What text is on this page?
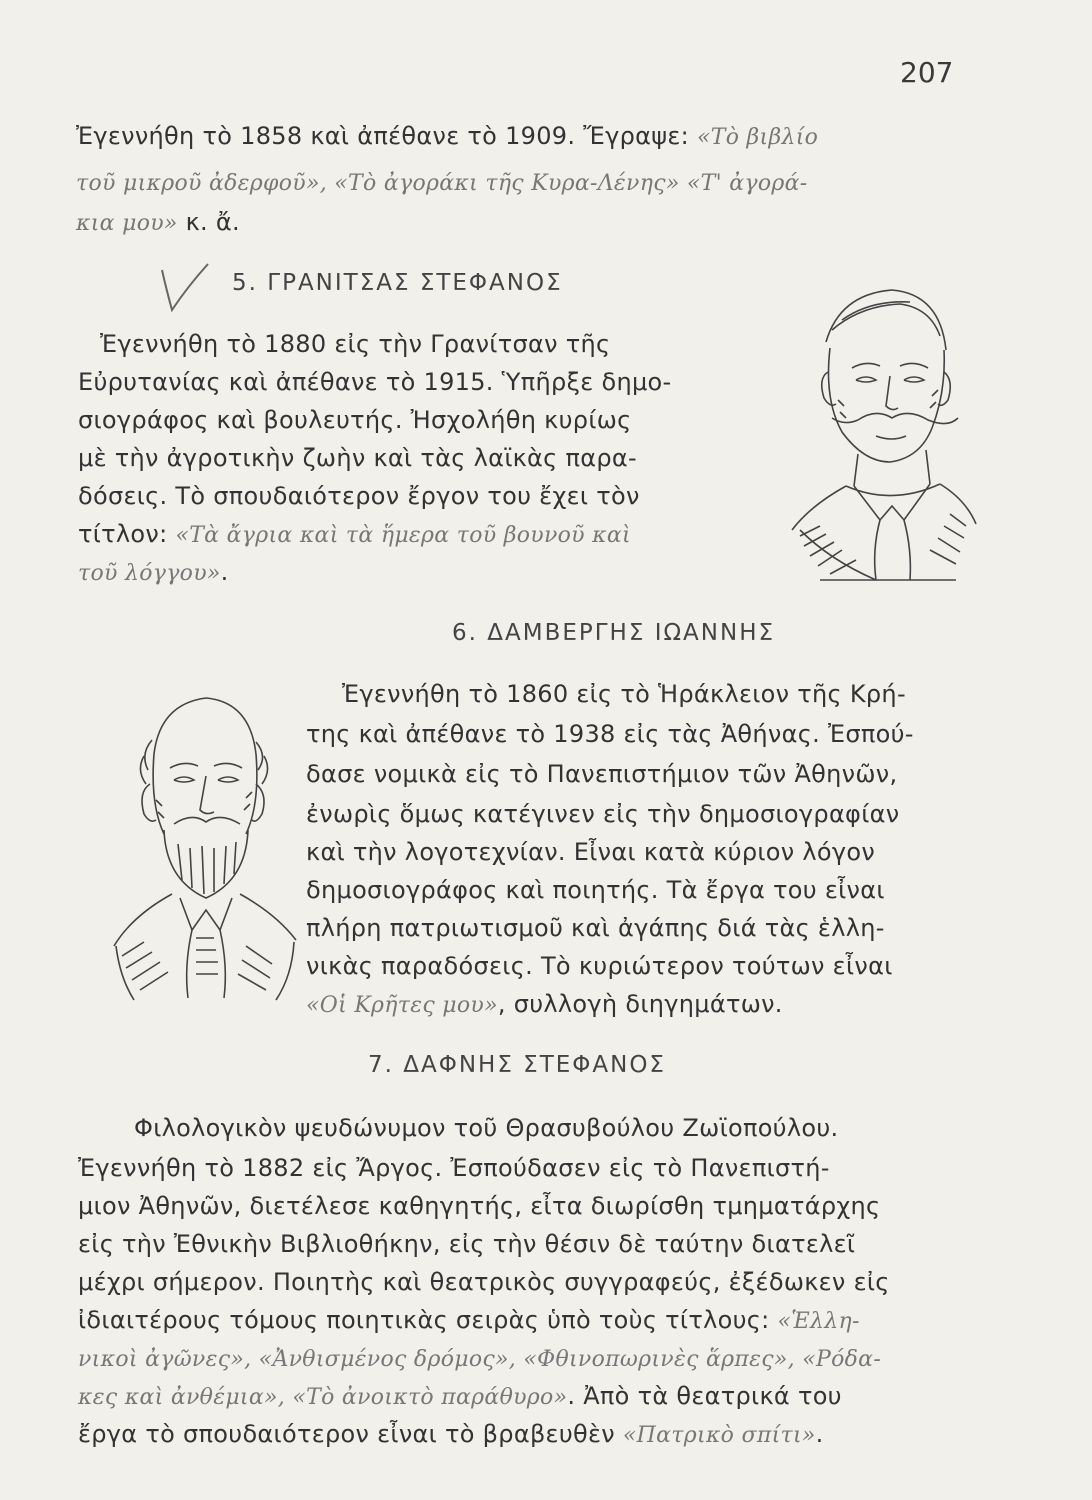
207
Ἐγεννήθη τὸ 1858 καὶ ἀπέθανε τὸ 1909. Ἔγραψε: «Τὸ βιβλίο
τοῦ μικροῦ ἀδερφοῦ», «Τὸ ἀγοράκι τῆς Κυρα-Λένης» «Τ' ἀγορά-
κια μου» κ. ἄ.
5. ΓΡΑΝΙΤΣΑΣ ΣΤΕΦΑΝΟΣ
Ἐγεννήθη τὸ 1880 εἰς τὴν Γρανίτσαν τῆς
Εὐρυτανίας καὶ ἀπέθανε τὸ 1915. Ὑπῆρξε δημο-
σιογράφος καὶ βουλευτής. Ἠσχολήθη κυρίως
μὲ τὴν ἀγροτικὴν ζωὴν καὶ τὰς λαϊκὰς παρα-
δόσεις. Τὸ σπουδαιότερον ἔργον του ἔχει τὸν
τίτλον: «Τὰ ἄγρια καὶ τὰ ἥμερα τοῦ βουνοῦ καὶ
τοῦ λόγγου».
6. ΔΑΜΒΕΡΓΗΣ ΙΩΑΝΝΗΣ
Ἐγεννήθη τὸ 1860 εἰς τὸ Ἡράκλειον τῆς Κρή-
της καὶ ἀπέθανε τὸ 1938 εἰς τὰς Ἀθήνας. Ἐσπού-
δασε νομικὰ εἰς τὸ Πανεπιστήμιον τῶν Ἀθηνῶν,
ἐνωρὶς ὅμως κατέγινεν εἰς τὴν δημοσιογραφίαν
καὶ τὴν λογοτεχνίαν. Εἶναι κατὰ κύριον λόγον
δημοσιογράφος καὶ ποιητής. Τὰ ἔργα του εἶναι
πλήρη πατριωτισμοῦ καὶ ἀγάπης διά τὰς ἑλλη-
νικὰς παραδόσεις. Τὸ κυριώτερον τούτων εἶναι
«Οἱ Κρῆτες μου», συλλογὴ διηγημάτων.
7. ΔΑΦΝΗΣ ΣΤΕΦΑΝΟΣ
Φιλολογικὸν ψευδώνυμον τοῦ Θρασυβούλου Ζωϊοπούλου.
Ἐγεννήθη τὸ 1882 εἰς Ἄργος. Ἐσπούδασεν εἰς τὸ Πανεπιστή-
μιον Ἀθηνῶν, διετέλεσε καθηγητής, εἶτα διωρίσθη τμηματάρχης
εἰς τὴν Ἐθνικὴν Βιβλιοθήκην, εἰς τὴν θέσιν δὲ ταύτην διατελεῖ
μέχρι σήμερον. Ποιητὴς καὶ θεατρικὸς συγγραφεύς, ἐξέδωκεν εἰς
ἰδιαιτέρους τόμους ποιητικὰς σειρὰς ὑπὸ τοὺς τίτλους: «Ἑλλη-
νικοὶ ἀγῶνες», «Ἀνθισμένος δρόμος», «Φθινοπωρινὲς ἅρπες», «Ρόδα-
κες καὶ ἀνθέμια», «Τὸ ἀνοικτὸ παράθυρο». Ἀπὸ τὰ θεατρικά του
ἔργα τὸ σπουδαιότερον εἶναι τὸ βραβευθὲν «Πατρικὸ σπίτι».
